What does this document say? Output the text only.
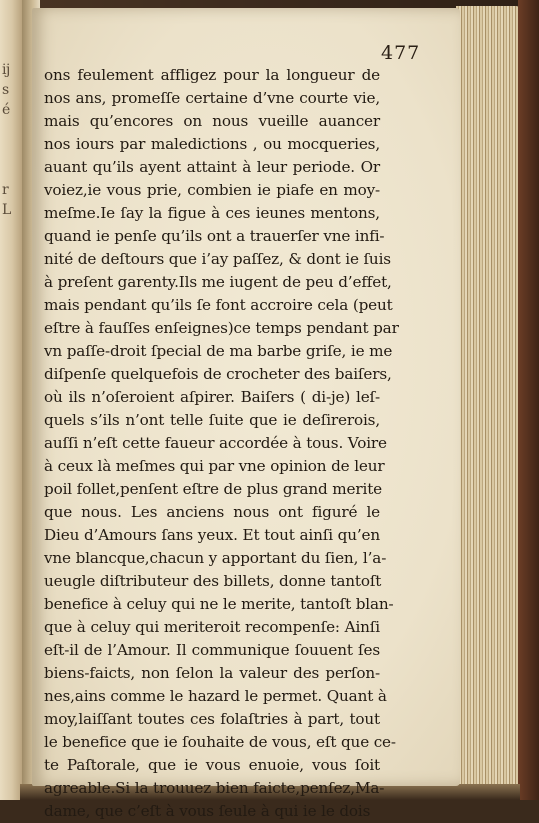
ĳ
s
é
r
L
477
ons feulement affligez pour la longueur de
nos ans, promeſſe certaine d’vne courte vie,
mais qu’encores on nous vueille auancer
nos iours par maledictions , ou mocqueries,
auant qu’ils ayent attaint à leur periode. Or
voiez,ie vous prie, combien ie piafe en moy-
meſme.Ie ſay la figue à ces ieunes mentons,
quand ie penſe qu’ils ont a trauerſer vne infi-
nité de deſtours que i’ay paſſez, & dont ie ſuis
à preſent garenty.Ils me iugent de peu d’effet,
mais pendant qu’ils ſe font accroire cela (peut
eſtre à fauſſes enſeignes)ce temps pendant par
vn paſſe-droit ſpecial de ma barbe griſe, ie me
diſpenſe quelquefois de crocheter des baiſers,
où ils n’oſeroient aſpirer. Baiſers ( di-je) leſ-
quels s’ils n’ont telle ſuite que ie deſirerois,
auſſi n’eſt cette faueur accordée à tous. Voire
à ceux là meſmes qui par vne opinion de leur
poil follet,penſent eſtre de plus grand merite
que nous. Les anciens nous ont figuré le
Dieu d’Amours ſans yeux. Et tout ainſi qu’en
vne blancque,chacun y apportant du ſien, l’a-
ueugle diſtributeur des billets, donne tantoſt
benefice à celuy qui ne le merite, tantoſt blan-
que à celuy qui meriteroit recompenſe: Ainſi
eſt-il de l’Amour. Il communique ſouuent ſes
biens-faicts, non ſelon la valeur des perſon-
nes,ains comme le hazard le permet. Quant à
moy,laiſſant toutes ces folaſtries à part, tout
le benefice que ie ſouhaite de vous, eſt que ce-
te Paſtorale, que ie vous enuoie, vous ſoit
agreable.Si la trouuez bien faicte,penſez,Ma-
dame, que c’eſt à vous ſeule à qui ie le dois
